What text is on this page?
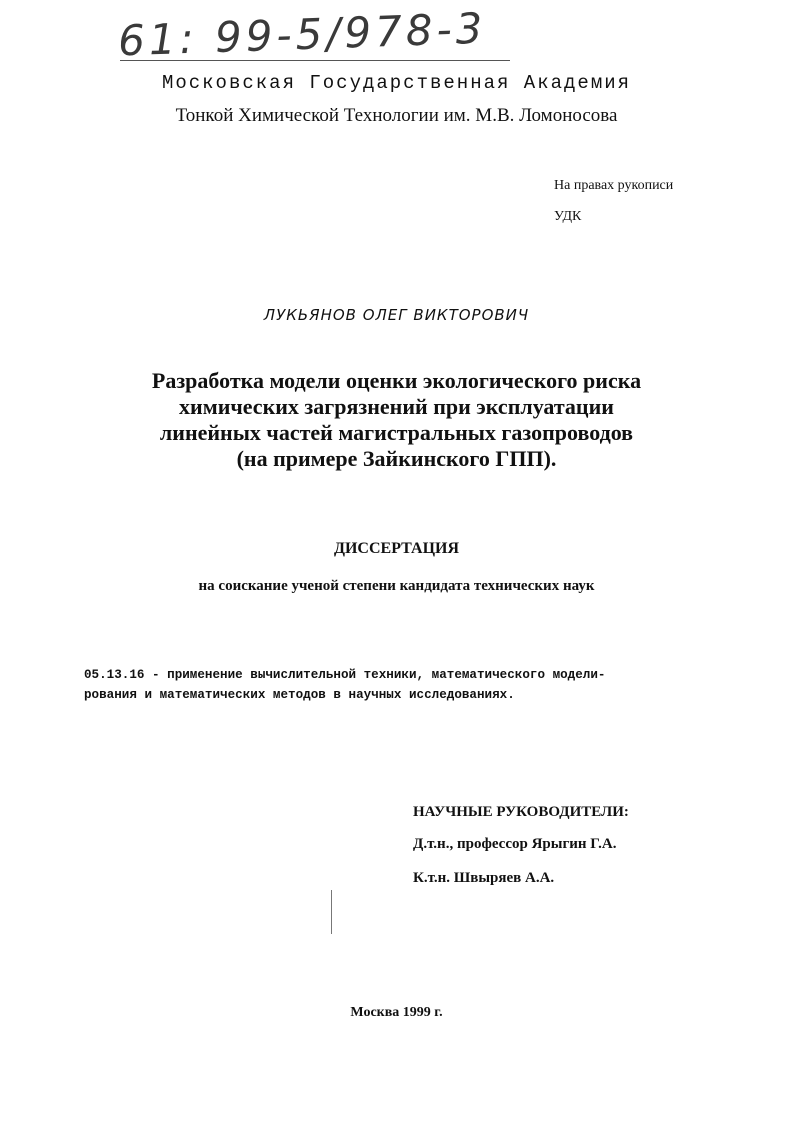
61: 99-5/978-3
Московская Государственная Академия
Тонкой Химической Технологии им. М.В. Ломоносова
На правах рукописи
УДК
ЛУКЬЯНОВ ОЛЕГ ВИКТОРОВИЧ
Разработка модели оценки экологического риска
химических загрязнений при эксплуатации
линейных частей магистральных газопроводов
(на примере Зайкинского ГПП).
ДИССЕРТАЦИЯ
на соискание ученой степени кандидата технических наук
05.13.16 - применение вычислительной техники, математического модели-
рования и математических методов в научных исследованиях.
НАУЧНЫЕ РУКОВОДИТЕЛИ:
Д.т.н., профессор Ярыгин Г.А.
К.т.н. Швыряев А.А.
Москва 1999 г.
